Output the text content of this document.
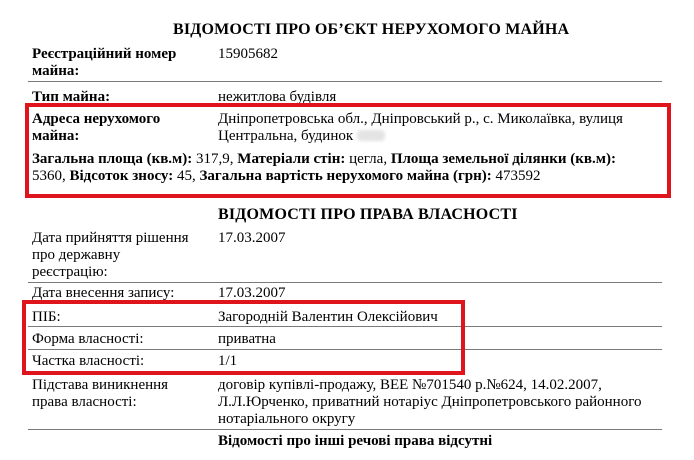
ВІДОМОСТІ ПРО ОБ’ЄКТ НЕРУХОМОГО МАЙНА
Реєстраційний номер
майна:
15905682
Тип майна:	нежитлова будівля
Адреса нерухомого
майна:
Дніпропетровська обл., Дніпровський р., с. Миколаївка, вулиця
Центральна, будинок
Загальна площа (кв.м): 317,9, Матеріали стін: цегла, Площа земельної ділянки (кв.м):
5360, Відсоток зносу: 45, Загальна вартість нерухомого майна (грн): 473592
ВІДОМОСТІ ПРО ПРАВА ВЛАСНОСТІ
Дата прийняття рішення
про державну
реєстрацію:
17.03.2007
Дата внесення запису:	17.03.2007
ПІБ:	Загородній Валентин Олексійович
Форма власності:	приватна
Частка власності:	1/1
Підстава виникнення
права власності:
договір купівлі-продажу, ВЕЕ №701540 р.№624, 14.02.2007,
Л.Л.Юрченко, приватний нотаріус Дніпропетровського районного
нотаріального округу
Відомості про інші речові права відсутні
